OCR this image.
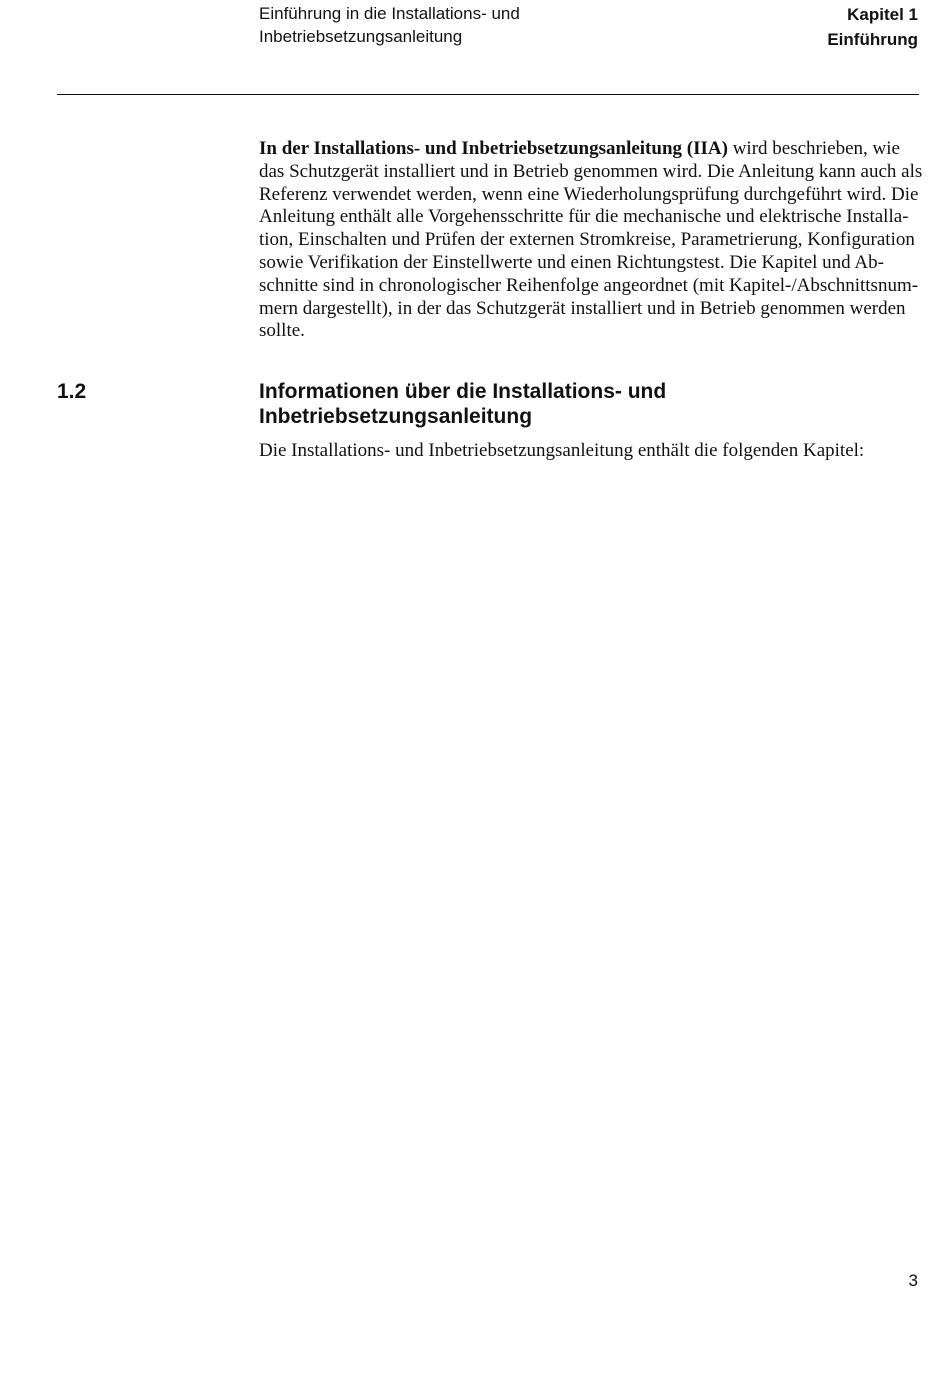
Einführung in die Installations- und
Inbetriebsetzungsanleitung
Kapitel 1
Einführung

In der Installations- und Inbetriebsetzungsanleitung (IIA) wird beschrieben, wie
das Schutzgerät installiert und in Betrieb genommen wird. Die Anleitung kann auch als
Referenz verwendet werden, wenn eine Wiederholungsprüfung durchgeführt wird. Die
Anleitung enthält alle Vorgehensschritte für die mechanische und elektrische Installa-
tion, Einschalten und Prüfen der externen Stromkreise, Parametrierung, Konfiguration
sowie Verifikation der Einstellwerte und einen Richtungstest. Die Kapitel und Ab-
schnitte sind in chronologischer Reihenfolge angeordnet (mit Kapitel-/Abschnittsnum-
mern dargestellt), in der das Schutzgerät installiert und in Betrieb genommen werden
sollte.

1.2	Informationen über die Installations- und
Inbetriebsetzungsanleitung

Die Installations- und Inbetriebsetzungsanleitung enthält die folgenden Kapitel:

3
